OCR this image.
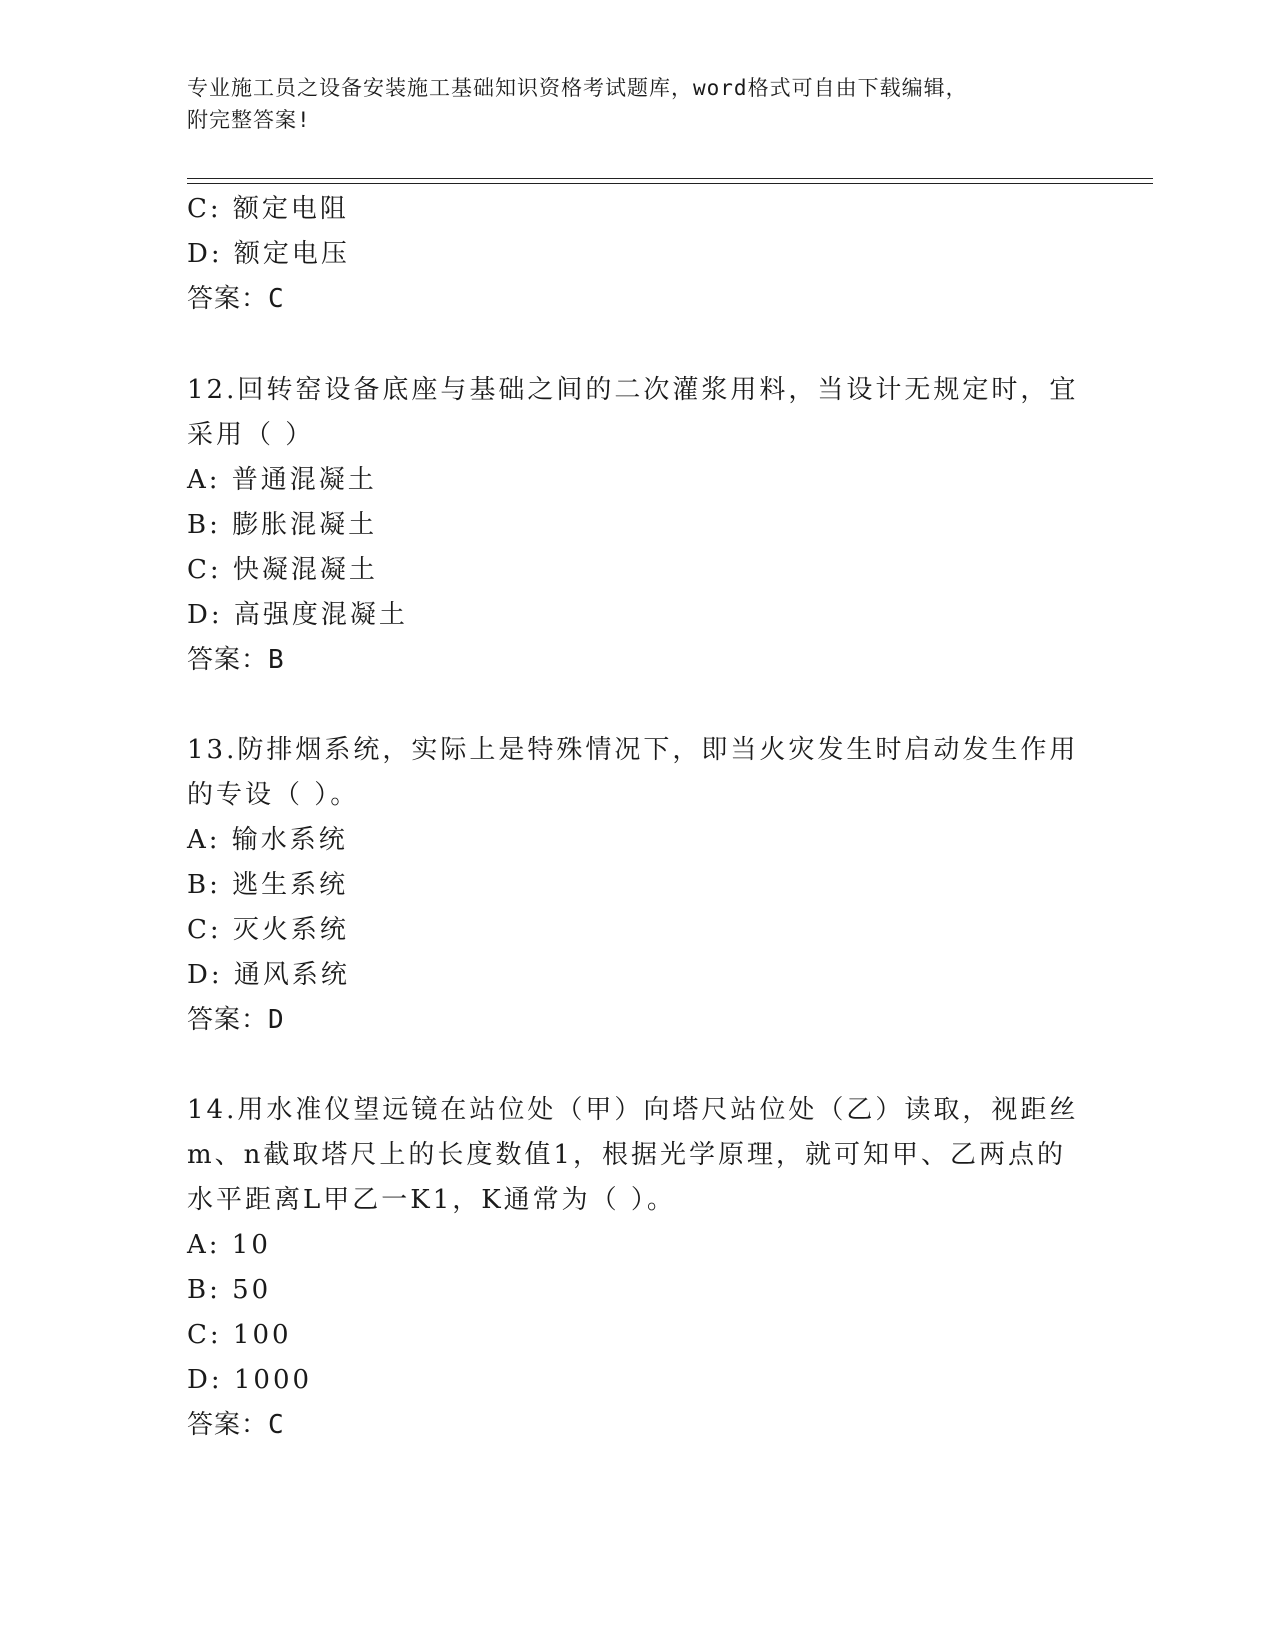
专业施工员之设备安装施工基础知识资格考试题库，word格式可自由下载编辑，
附完整答案!
C: 额定电阻
D: 额定电压
答案：C
12.回转窑设备底座与基础之间的二次灌浆用料，当设计无规定时，宜
采用（ ）
A: 普通混凝土
B: 膨胀混凝土
C: 快凝混凝土
D: 高强度混凝土
答案：B
13.防排烟系统，实际上是特殊情况下，即当火灾发生时启动发生作用
的专设（ ）。
A: 输水系统
B: 逃生系统
C: 灭火系统
D: 通风系统
答案：D
14.用水准仪望远镜在站位处（甲）向塔尺站位处（乙）读取，视距丝
m、n截取塔尺上的长度数值1，根据光学原理，就可知甲、乙两点的
水平距离L甲乙一K1，K通常为（ ）。
A: 10
B: 50
C: 100
D: 1000
答案：C
